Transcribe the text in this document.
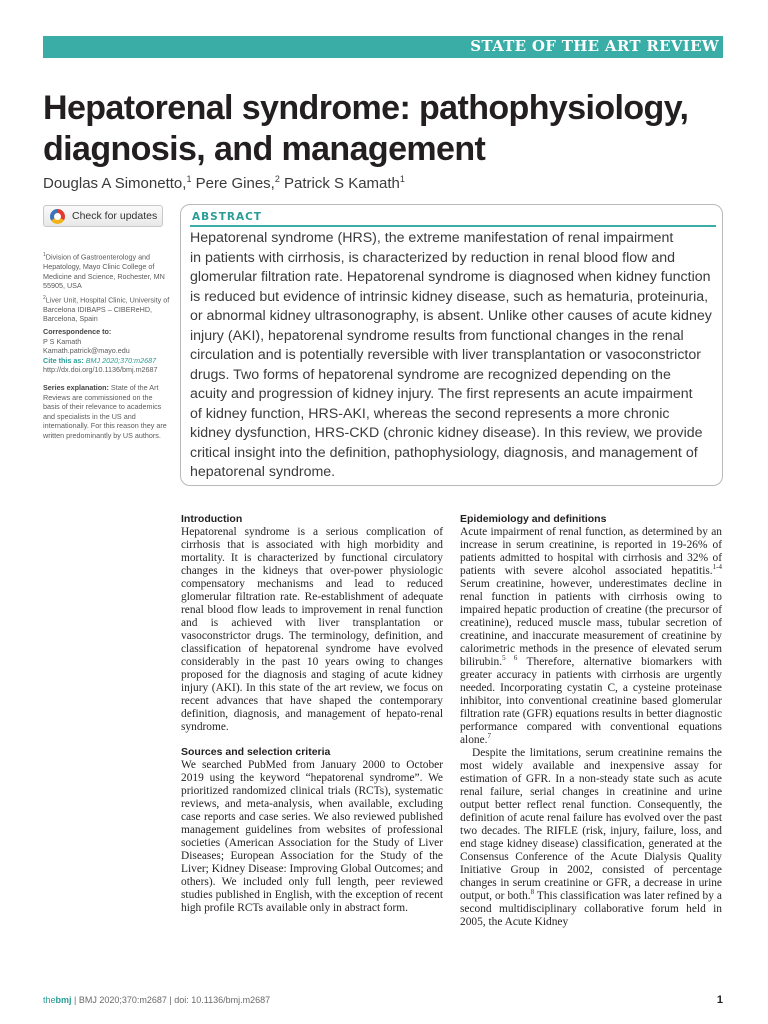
STATE OF THE ART REVIEW
Hepatorenal syndrome: pathophysiology,
diagnosis, and management
Douglas A Simonetto,$^1$ Pere Gines,$^2$ Patrick S Kamath$^1$
Check for updates

$^1$Division of Gastroenterology and Hepatology, Mayo Clinic College of Medicine and Science, Rochester, MN 55905, USA

$^2$Liver Unit, Hospital Clinic, University of Barcelona IDIBAPS – CIBEReHD, Barcelona, Spain

Correspondence to:
P S Kamath
Kamath.patrick@mayo.edu

Cite this as: BMJ 2020;370:m2687
http://dx.doi.org/10.1136/bmj.m2687

Series explanation: State of the Art Reviews are commissioned on the basis of their relevance to academics and specialists in the US and internationally. For this reason they are written predominantly by US authors.

ABSTRACT
Hepatorenal syndrome (HRS), the extreme manifestation of renal impairment
in patients with cirrhosis, is characterized by reduction in renal blood flow and
glomerular filtration rate. Hepatorenal syndrome is diagnosed when kidney function
is reduced but evidence of intrinsic kidney disease, such as hematuria, proteinuria,
or abnormal kidney ultrasonography, is absent. Unlike other causes of acute kidney
injury (AKI), hepatorenal syndrome results from functional changes in the renal
circulation and is potentially reversible with liver transplantation or vasoconstrictor
drugs. Two forms of hepatorenal syndrome are recognized depending on the
acuity and progression of kidney injury. The first represents an acute impairment
of kidney function, HRS-AKI, whereas the second represents a more chronic
kidney dysfunction, HRS-CKD (chronic kidney disease). In this review, we provide
critical insight into the definition, pathophysiology, diagnosis, and management of
hepatorenal syndrome.
Introduction

Hepatorenal syndrome is a serious complication of cirrhosis that is associated with high morbidity and mortality. It is characterized by functional circulatory changes in the kidneys that over-power physiologic compensatory mechanisms and lead to reduced glomerular filtration rate. Re-establishment of adequate renal blood flow leads to improvement in renal function and is achieved with liver transplantation or vasoconstrictor drugs. The terminology, definition, and classification of hepatorenal syndrome have evolved considerably in the past 10 years owing to changes proposed for the diagnosis and staging of acute kidney injury (AKI). In this state of the art review, we focus on recent advances that have shaped the contemporary definition, diagnosis, and management of hepato-renal syndrome.

Sources and selection criteria

We searched PubMed from January 2000 to October 2019 using the keyword “hepatorenal syndrome”. We prioritized randomized clinical trials (RCTs), systematic reviews, and meta-analysis, when available, excluding case reports and case series. We also reviewed published management guidelines from websites of professional societies (American Association for the Study of Liver Diseases; European Association for the Study of the Liver; Kidney Disease: Improving Global Outcomes; and others). We included only full length, peer reviewed studies published in English, with the exception of recent high profile RCTs available only in abstract form.

Epidemiology and definitions

Acute impairment of renal function, as determined by an increase in serum creatinine, is reported in 19-26% of patients admitted to hospital with cirrhosis and 32% of patients with severe alcohol associated hepatitis.$^{1-4}$ Serum creatinine, however, underestimates decline in renal function in patients with cirrhosis owing to impaired hepatic production of creatine (the precursor of creatinine), reduced muscle mass, tubular secretion of creatinine, and inaccurate measurement of creatinine by calorimetric methods in the presence of elevated serum bilirubin.$^{5 6}$ Therefore, alternative biomarkers with greater accuracy in patients with cirrhosis are urgently needed. Incorporating cystatin C, a cysteine proteinase inhibitor, into conventional creatinine based glomerular filtration rate (GFR) equations results in better diagnostic performance compared with conventional equations alone.$^7$

Despite the limitations, serum creatinine remains the most widely available and inexpensive assay for estimation of GFR. In a non-steady state such as acute renal failure, serial changes in creatinine and urine output better reflect renal function. Consequently, the definition of acute renal failure has evolved over the past two decades. The RIFLE (risk, injury, failure, loss, and end stage kidney disease) classification, generated at the Consensus Conference of the Acute Dialysis Quality Initiative Group in 2002, consisted of percentage changes in serum creatinine or GFR, a decrease in urine output, or both.$^8$ This classification was later refined by a second multidisciplinary collaborative forum held in 2005, the Acute Kidney

thebmj | BMJ 2020;370:m2687 | doi: 10.1136/bmj.m2687	1
